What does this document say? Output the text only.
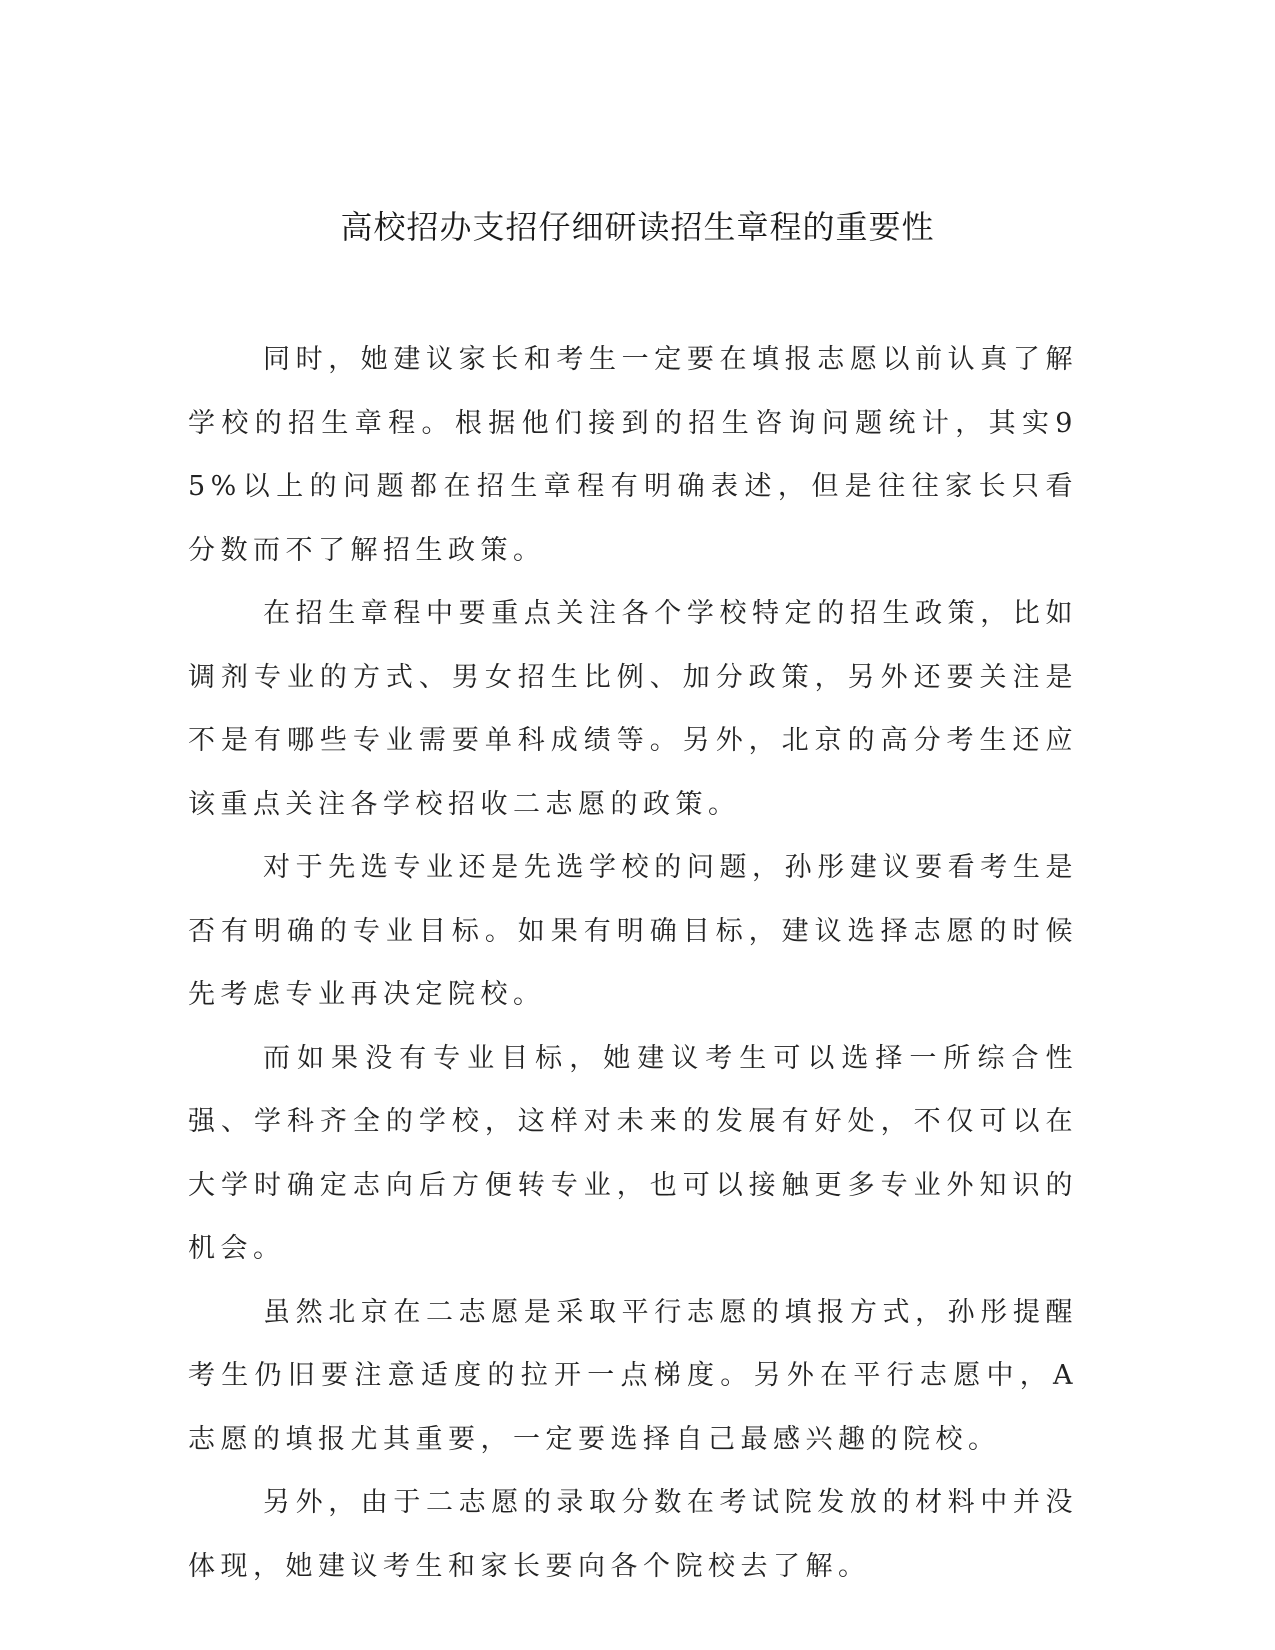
高校招办支招仔细研读招生章程的重要性

同时，她建议家长和考生一定要在填报志愿以前认真了解学校的招生章程。根据他们接到的招生咨询问题统计，其实95%以上的问题都在招生章程有明确表述，但是往往家长只看分数而不了解招生政策。

在招生章程中要重点关注各个学校特定的招生政策，比如调剂专业的方式、男女招生比例、加分政策，另外还要关注是不是有哪些专业需要单科成绩等。另外，北京的高分考生还应该重点关注各学校招收二志愿的政策。

对于先选专业还是先选学校的问题，孙彤建议要看考生是否有明确的专业目标。如果有明确目标，建议选择志愿的时候先考虑专业再决定院校。

而如果没有专业目标，她建议考生可以选择一所综合性强、学科齐全的学校，这样对未来的发展有好处，不仅可以在大学时确定志向后方便转专业，也可以接触更多专业外知识的机会。

虽然北京在二志愿是采取平行志愿的填报方式，孙彤提醒考生仍旧要注意适度的拉开一点梯度。另外在平行志愿中，A志愿的填报尤其重要，一定要选择自己最感兴趣的院校。

另外，由于二志愿的录取分数在考试院发放的材料中并没体现，她建议考生和家长要向各个院校去了解。
